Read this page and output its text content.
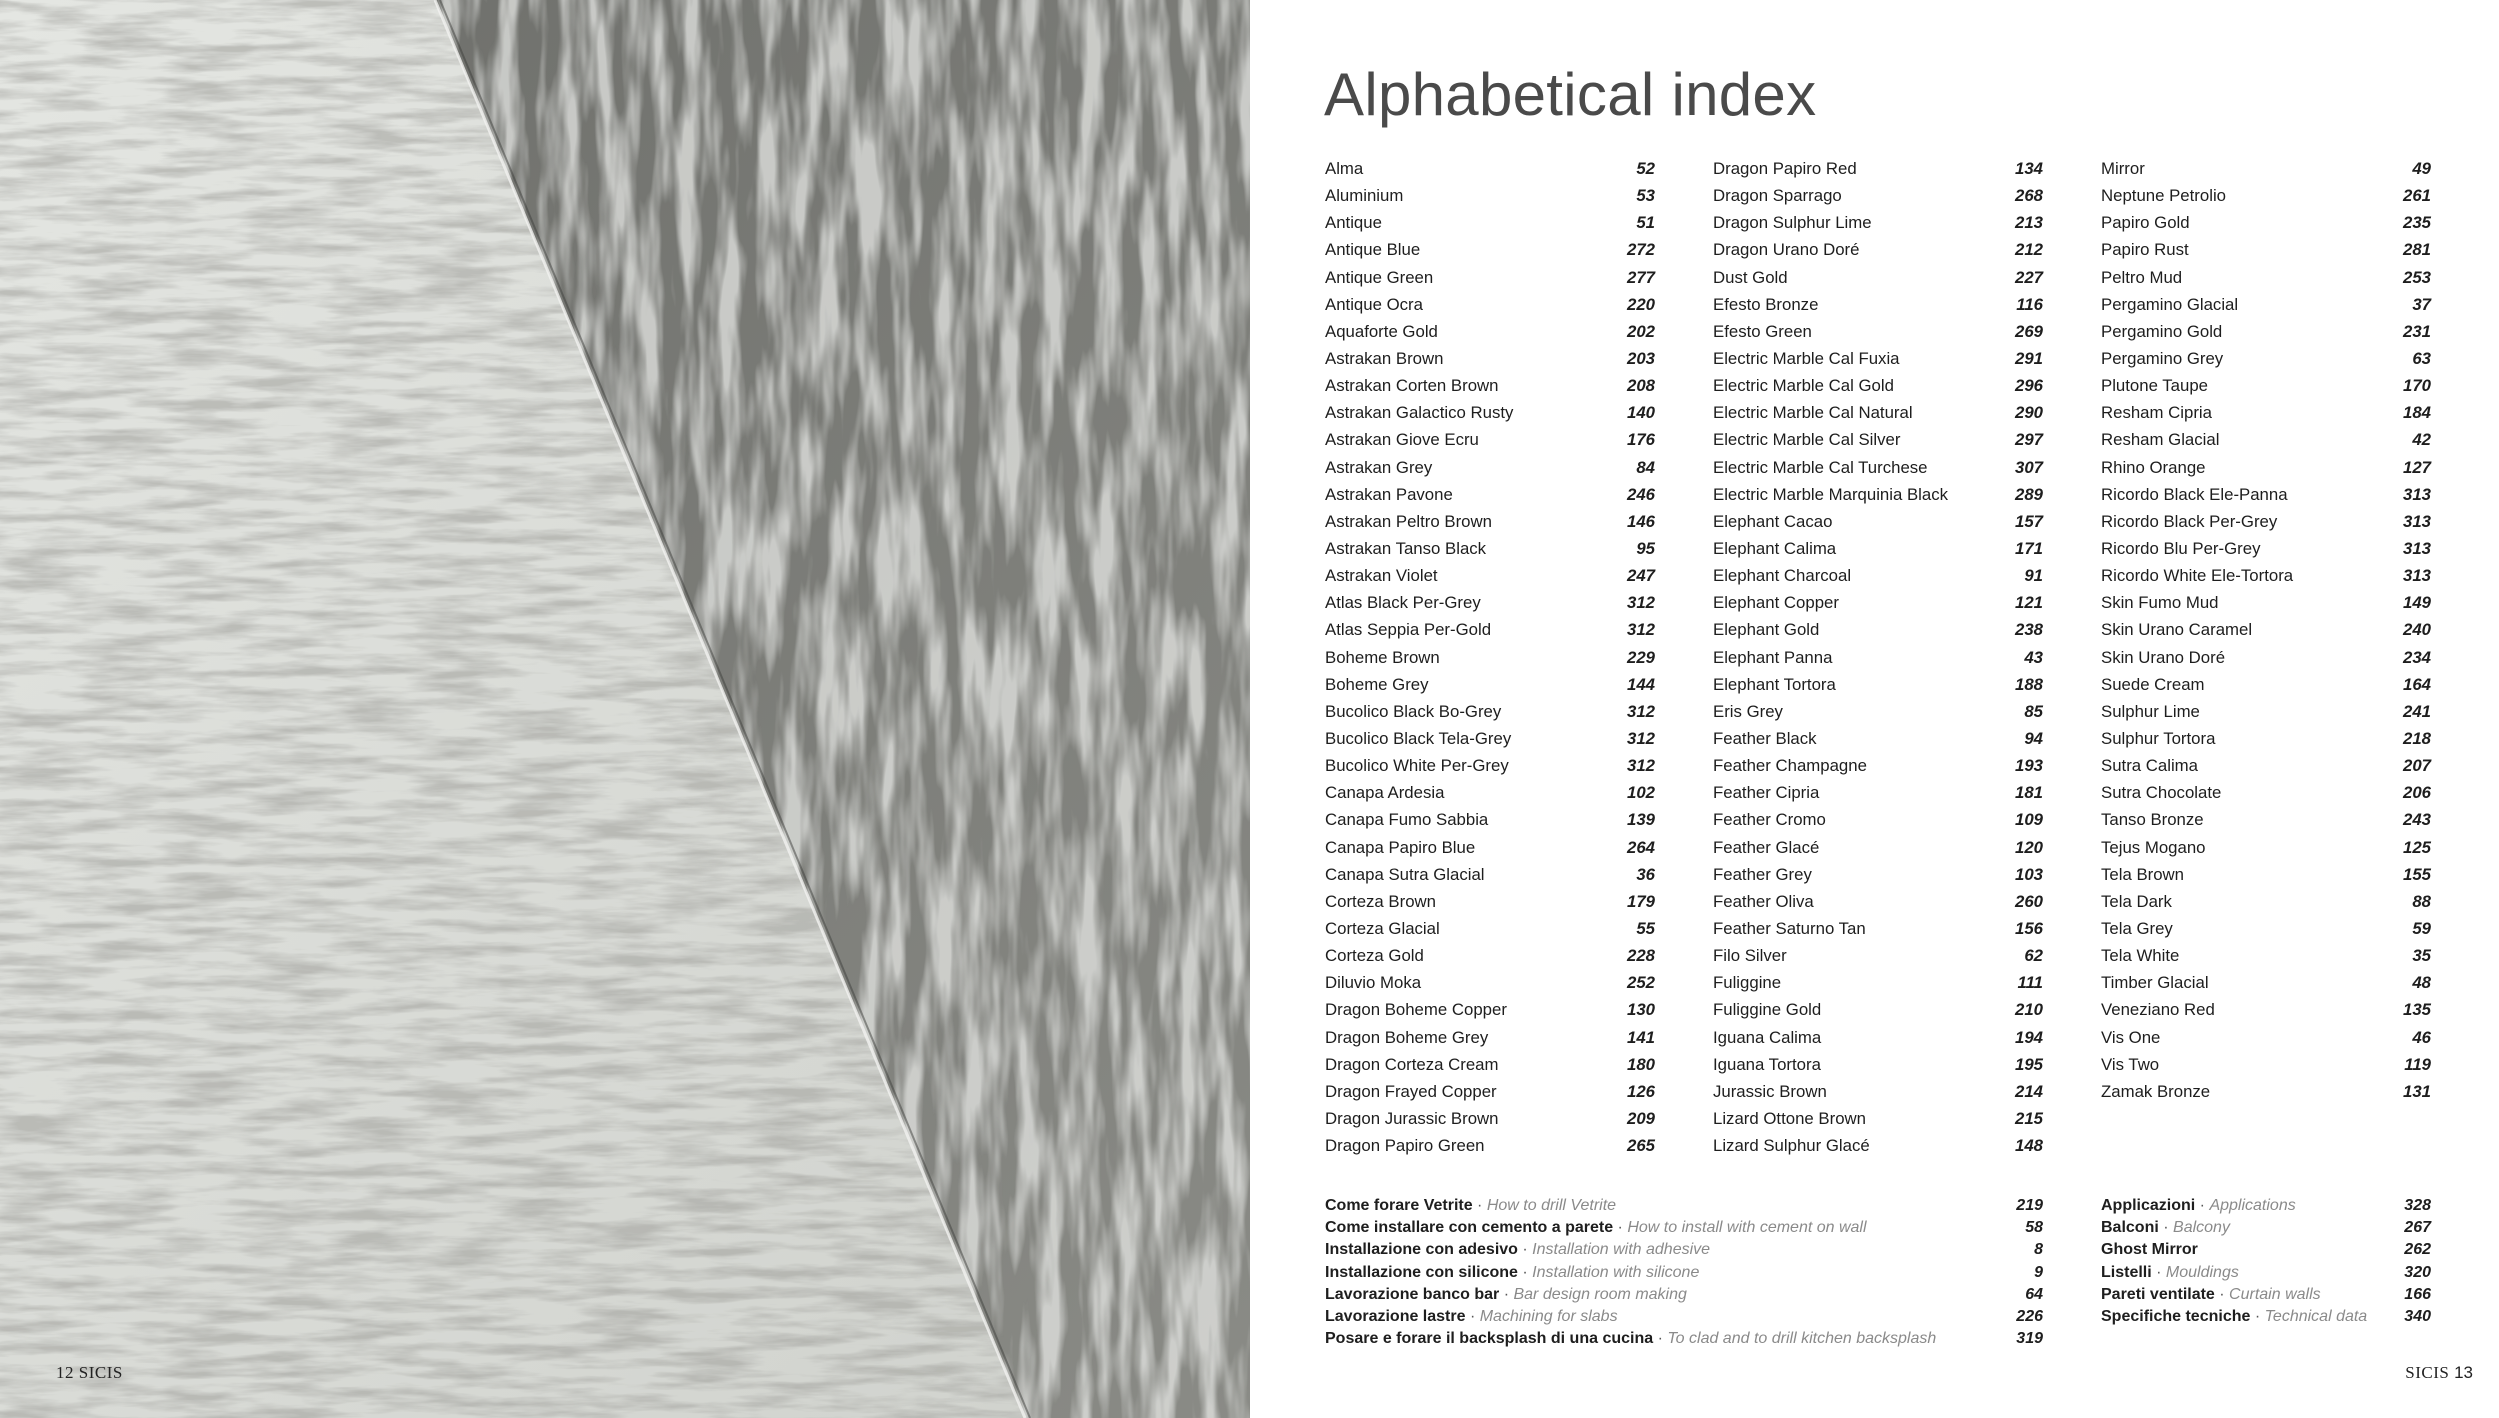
12 SICIS
Alphabetical index
Alma	52
Aluminium	53
Antique	51
Antique Blue	272
Antique Green	277
Antique Ocra	220
Aquaforte Gold	202
Astrakan Brown	203
Astrakan Corten Brown	208
Astrakan Galactico Rusty	140
Astrakan Giove Ecru	176
Astrakan Grey	84
Astrakan Pavone	246
Astrakan Peltro Brown	146
Astrakan Tanso Black	95
Astrakan Violet	247
Atlas Black Per-Grey	312
Atlas Seppia Per-Gold	312
Boheme Brown	229
Boheme Grey	144
Bucolico Black Bo-Grey	312
Bucolico Black Tela-Grey	312
Bucolico White Per-Grey	312
Canapa Ardesia	102
Canapa Fumo Sabbia	139
Canapa Papiro Blue	264
Canapa Sutra Glacial	36
Corteza Brown	179
Corteza Glacial	55
Corteza Gold	228
Diluvio Moka	252
Dragon Boheme Copper	130
Dragon Boheme Grey	141
Dragon Corteza Cream	180
Dragon Frayed Copper	126
Dragon Jurassic Brown	209
Dragon Papiro Green	265
Dragon Papiro Red	134
Dragon Sparrago	268
Dragon Sulphur Lime	213
Dragon Urano Doré	212
Dust Gold	227
Efesto Bronze	116
Efesto Green	269
Electric Marble Cal Fuxia	291
Electric Marble Cal Gold	296
Electric Marble Cal Natural	290
Electric Marble Cal Silver	297
Electric Marble Cal Turchese	307
Electric Marble Marquinia Black	289
Elephant Cacao	157
Elephant Calima	171
Elephant Charcoal	91
Elephant Copper	121
Elephant Gold	238
Elephant Panna	43
Elephant Tortora	188
Eris Grey	85
Feather Black	94
Feather Champagne	193
Feather Cipria	181
Feather Cromo	109
Feather Glacé	120
Feather Grey	103
Feather Oliva	260
Feather Saturno Tan	156
Filo Silver	62
Fuliggine	111
Fuliggine Gold	210
Iguana Calima	194
Iguana Tortora	195
Jurassic Brown	214
Lizard Ottone Brown	215
Lizard Sulphur Glacé	148
Mirror	49
Neptune Petrolio	261
Papiro Gold	235
Papiro Rust	281
Peltro Mud	253
Pergamino Glacial	37
Pergamino Gold	231
Pergamino Grey	63
Plutone Taupe	170
Resham Cipria	184
Resham Glacial	42
Rhino Orange	127
Ricordo Black Ele-Panna	313
Ricordo Black Per-Grey	313
Ricordo Blu Per-Grey	313
Ricordo White Ele-Tortora	313
Skin Fumo Mud	149
Skin Urano Caramel	240
Skin Urano Doré	234
Suede Cream	164
Sulphur Lime	241
Sulphur Tortora	218
Sutra Calima	207
Sutra Chocolate	206
Tanso Bronze	243
Tejus Mogano	125
Tela Brown	155
Tela Dark	88
Tela Grey	59
Tela White	35
Timber Glacial	48
Veneziano Red	135
Vis One	46
Vis Two	119
Zamak Bronze	131
Come forare Vetrite · How to drill Vetrite	219
Come installare con cemento a parete · How to install with cement on wall	58
Installazione con adesivo · Installation with adhesive	8
Installazione con silicone · Installation with silicone	9
Lavorazione banco bar · Bar design room making	64
Lavorazione lastre · Machining for slabs	226
Posare e forare il backsplash di una cucina · To clad and to drill kitchen backsplash	319
Applicazioni · Applications	328
Balconi · Balcony	267
Ghost Mirror	262
Listelli · Mouldings	320
Pareti ventilate · Curtain walls	166
Specifiche tecniche · Technical data 340
SICIS 13
